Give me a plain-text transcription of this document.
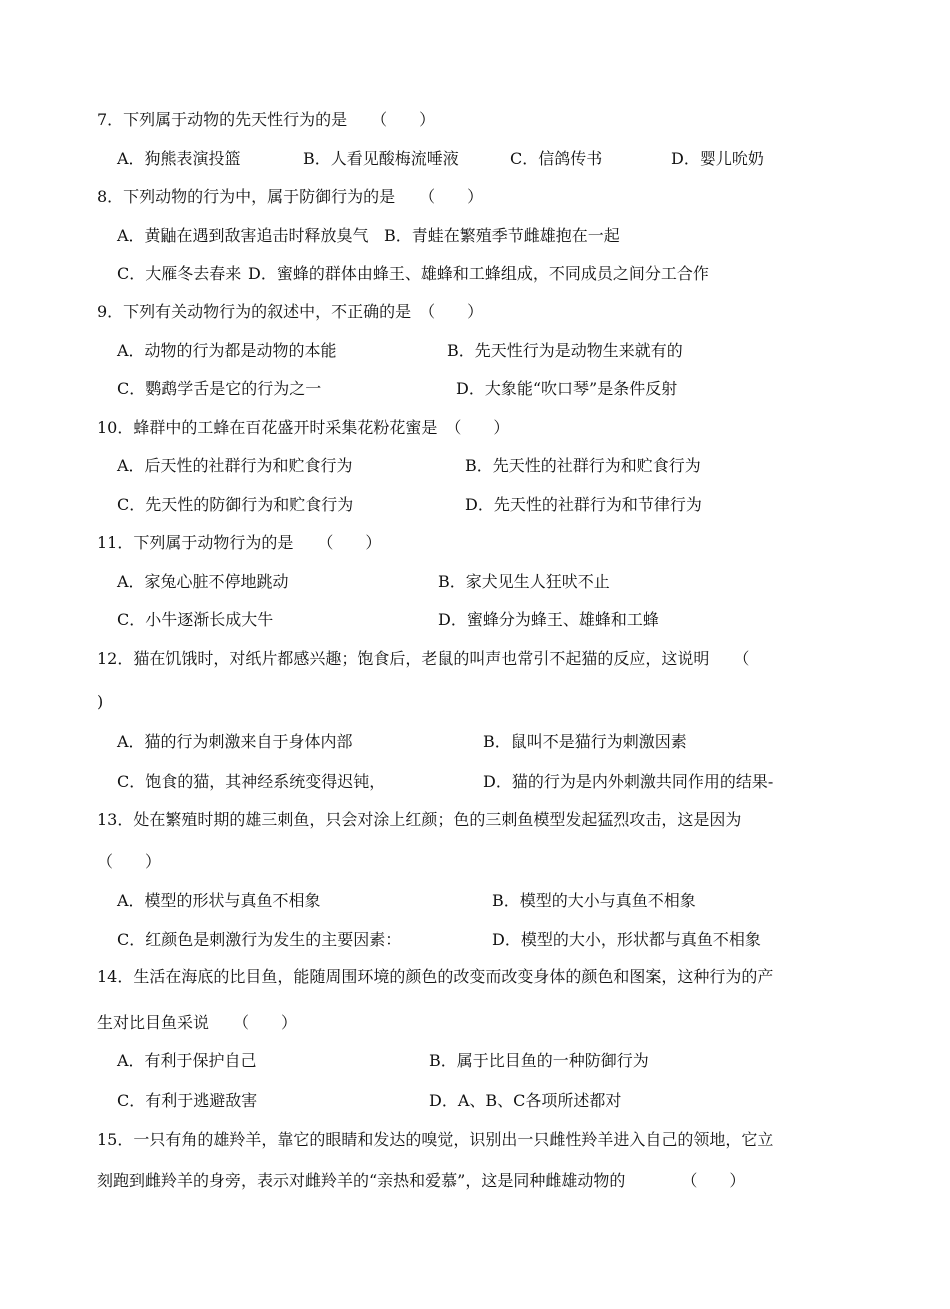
7．下列属于动物的先天性行为的是　　（　　）
A．狗熊表演投篮	B．人看见酸梅流唾液	C．信鸽传书	D．婴儿吮奶
8．下列动物的行为中，属于防御行为的是　　（　　）
A．黄鼬在遇到敌害追击时释放臭气 B．青蛙在繁殖季节雌雄抱在一起
C．大雁冬去春来 D．蜜蜂的群体由蜂王、雄蜂和工蜂组成，不同成员之间分工合作
9．下列有关动物行为的叙述中，不正确的是　（　　）
A．动物的行为都是动物的本能	B．先天性行为是动物生来就有的
C．鹦鹉学舌是它的行为之一	D．大象能“吹口琴”是条件反射
10．蜂群中的工蜂在百花盛开时采集花粉花蜜是　（　　）
A．后天性的社群行为和贮食行为	B．先天性的社群行为和贮食行为
C．先天性的防御行为和贮食行为	D．先天性的社群行为和节律行为
11．下列属于动物行为的是　　（　　）
A．家兔心脏不停地跳动	B．家犬见生人狂吠不止
C．小牛逐渐长成大牛	D．蜜蜂分为蜂王、雄蜂和工蜂
12．猫在饥饿时，对纸片都感兴趣；饱食后，老鼠的叫声也常引不起猫的反应，这说明　　（
)
A．猫的行为刺激来自于身体内部	B．鼠叫不是猫行为刺激因素
C．饱食的猫，其神经系统变得迟钝，	D．猫的行为是内外刺激共同作用的结果-
13．处在繁殖时期的雄三刺鱼，只会对涂上红颜；色的三刺鱼模型发起猛烈攻击，这是因为
（　　）
A．模型的形状与真鱼不相象	B．模型的大小与真鱼不相象
C．红颜色是刺激行为发生的主要因素：	D．模型的大小，形状都与真鱼不相象
14．生活在海底的比目鱼，能随周围环境的颜色的改变而改变身体的颜色和图案，这种行为的产
生对比目鱼采说　　（　　）
A．有利于保护自己	B．属于比目鱼的一种防御行为
C．有利于逃避敌害	D．A、B、C各项所述都对
15．一只有角的雄羚羊，靠它的眼睛和发达的嗅觉，识别出一只雌性羚羊进入自己的领地，它立
刻跑到雌羚羊的身旁，表示对雌羚羊的“亲热和爱慕”，这是同种雌雄动物的　　　　（　　）
